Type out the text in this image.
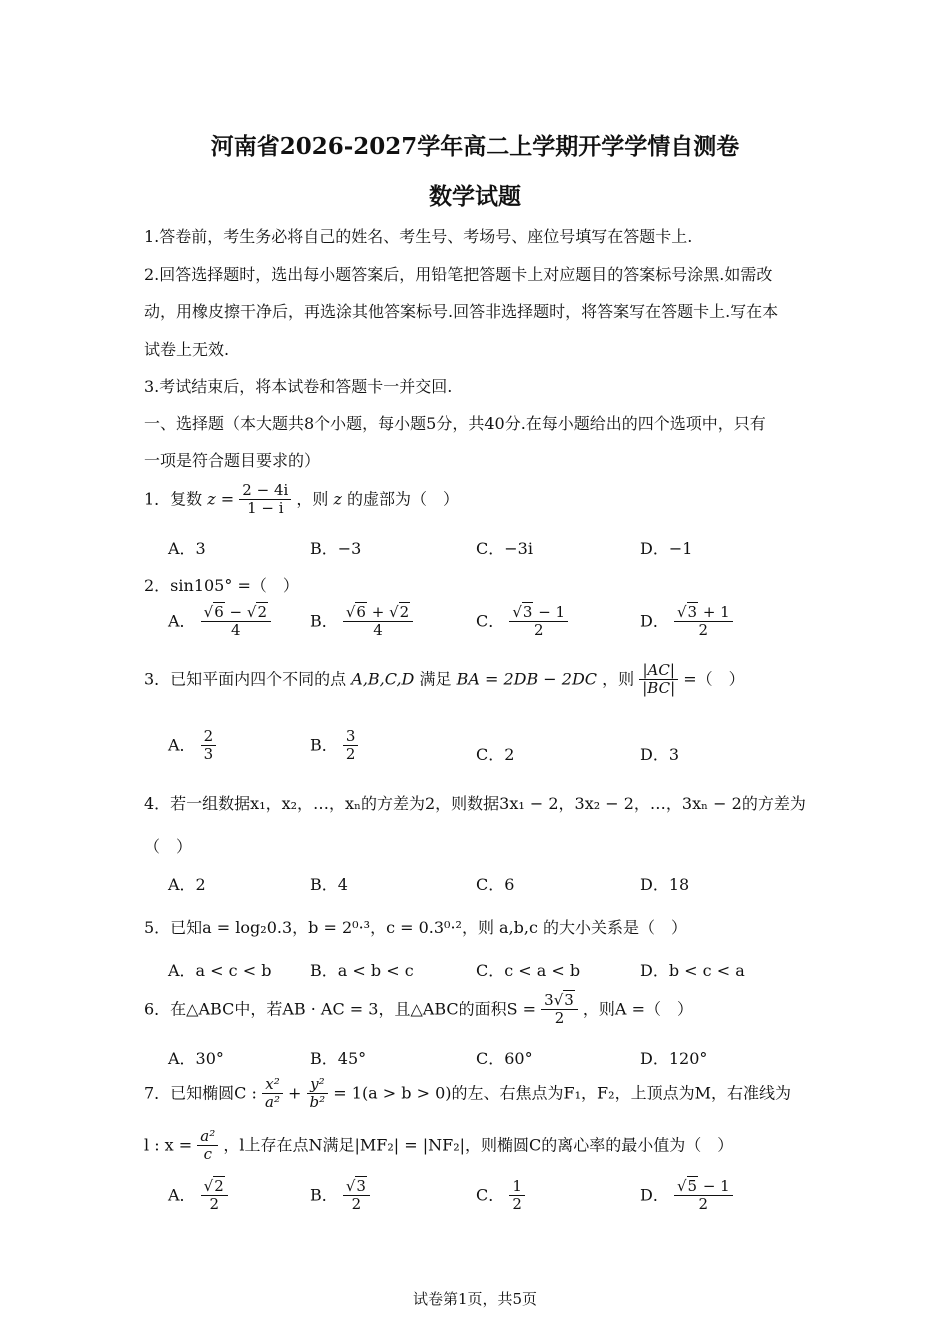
河南省2026-2027学年高二上学期开学学情自测卷
数学试题
1.答卷前，考生务必将自己的姓名、考生号、考场号、座位号填写在答题卡上.
2.回答选择题时，选出每小题答案后，用铅笔把答题卡上对应题目的答案标号涂黑.如需改
动，用橡皮擦干净后，再选涂其他答案标号.回答非选择题时，将答案写在答题卡上.写在本
试卷上无效.
3.考试结束后，将本试卷和答题卡一并交回.
一、选择题（本大题共8个小题，每小题5分，共40分.在每小题给出的四个选项中，只有
一项是符合题目要求的）
1．复数 $z = \frac{2 - 4i}{1 - i}$ ，则 z 的虚部为（　）
A．3	B．−3	C．−3i	D．−1
2．sin105° =（　）
A． $\frac{√6 - √2}{4}$ B． $\frac{√6 + √2}{4}$	C． $\frac{√3 - 1}{2}$	D． $\frac{√3 + 1}{2}$
3．已知平面内四个不同的点 A,B,C,D 满足 BA = 2DB − 2DC ，则 $\frac{|AC|}{|BC|}$ =（　）
A． $\frac{2}{3}$	B． $\frac{3}{2}$	C．2	D．3
4．若一组数据x₁，x₂，…，xₙ的方差为2，则数据3x₁ − 2，3x₂ − 2，…，3xₙ − 2的方差为
（　）
A．2	B．4	C．6	D．18
5．已知a = log₂0.3，b = 2⁰·³，c = 0.3⁰·²，则 a,b,c 的大小关系是（　）
A．a < c < b B．a < b < c	C．c < a < b	D．b < c < a
6．在△ABC中，若AB · AC = 3，且△ABC的面积$S = \frac{3√3}{2}$ ，则A =（　）
A．30°	B．45°	C．60°	D．120°
7．已知椭圆C : $\frac{\text{x²}}{\text{a²}} + \frac{\text{y²}}{\text{b²}} = 1(a > b > 0)$的左、右焦点为F₁，F₂，上顶点为M，右准线为
l : $x = \frac{\text{a²}}{c}$ ，l上存在点N满足|MF₂| = |NF₂|，则椭圆C的离心率的最小值为（　）
A． $\frac{√2}{2}$	B． $\frac{√3}{2}$	C． $\frac{1}{2}$	D． $\frac{√5 - 1}{2}$
试卷第1页，共5页
